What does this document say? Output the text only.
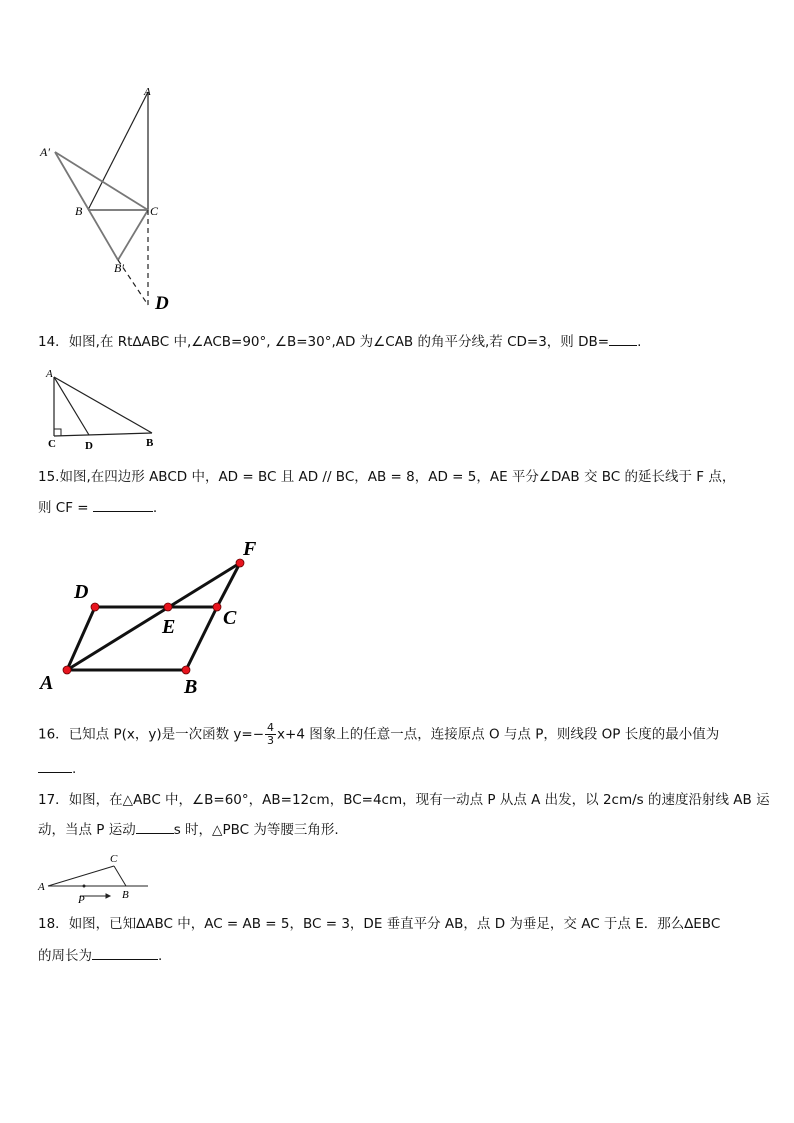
A
A′
B	C
B′
D
14．如图,在 Rt∆ABC 中,∠ACB=90°, ∠B=30°,AD 为∠CAB 的角平分线,若 CD=3，则 DB= .
A
C	D	B
15.如图,在四边形 ABCD 中，AD = BC 且 AD // BC，AB = 8，AD = 5，AE 平分∠DAB 交 BC 的延长线于 F 点，
则 CF =	.
A	B
C
D
E
F
16．已知点 P(x，y)是一次函数 $y=- \frac{4}{3} x+4$ 图象上的任意一点，连接原点 O 与点 P，则线段 OP 长度的最小值为
.
17．如图，在△ABC 中，∠B=60°，AB=12cm，BC=4cm，现有一动点 P 从点 A 出发，以 2cm/s 的速度沿射线 AB 运
动，当点 P 运动	s 时，△PBC 为等腰三角形.
A
P	B
C
18．如图，已知∆ABC 中，AC = AB = 5，BC = 3，DE 垂直平分 AB，点 D 为垂足，交 AC 于点 E．那么∆EBC
的周长为	.
